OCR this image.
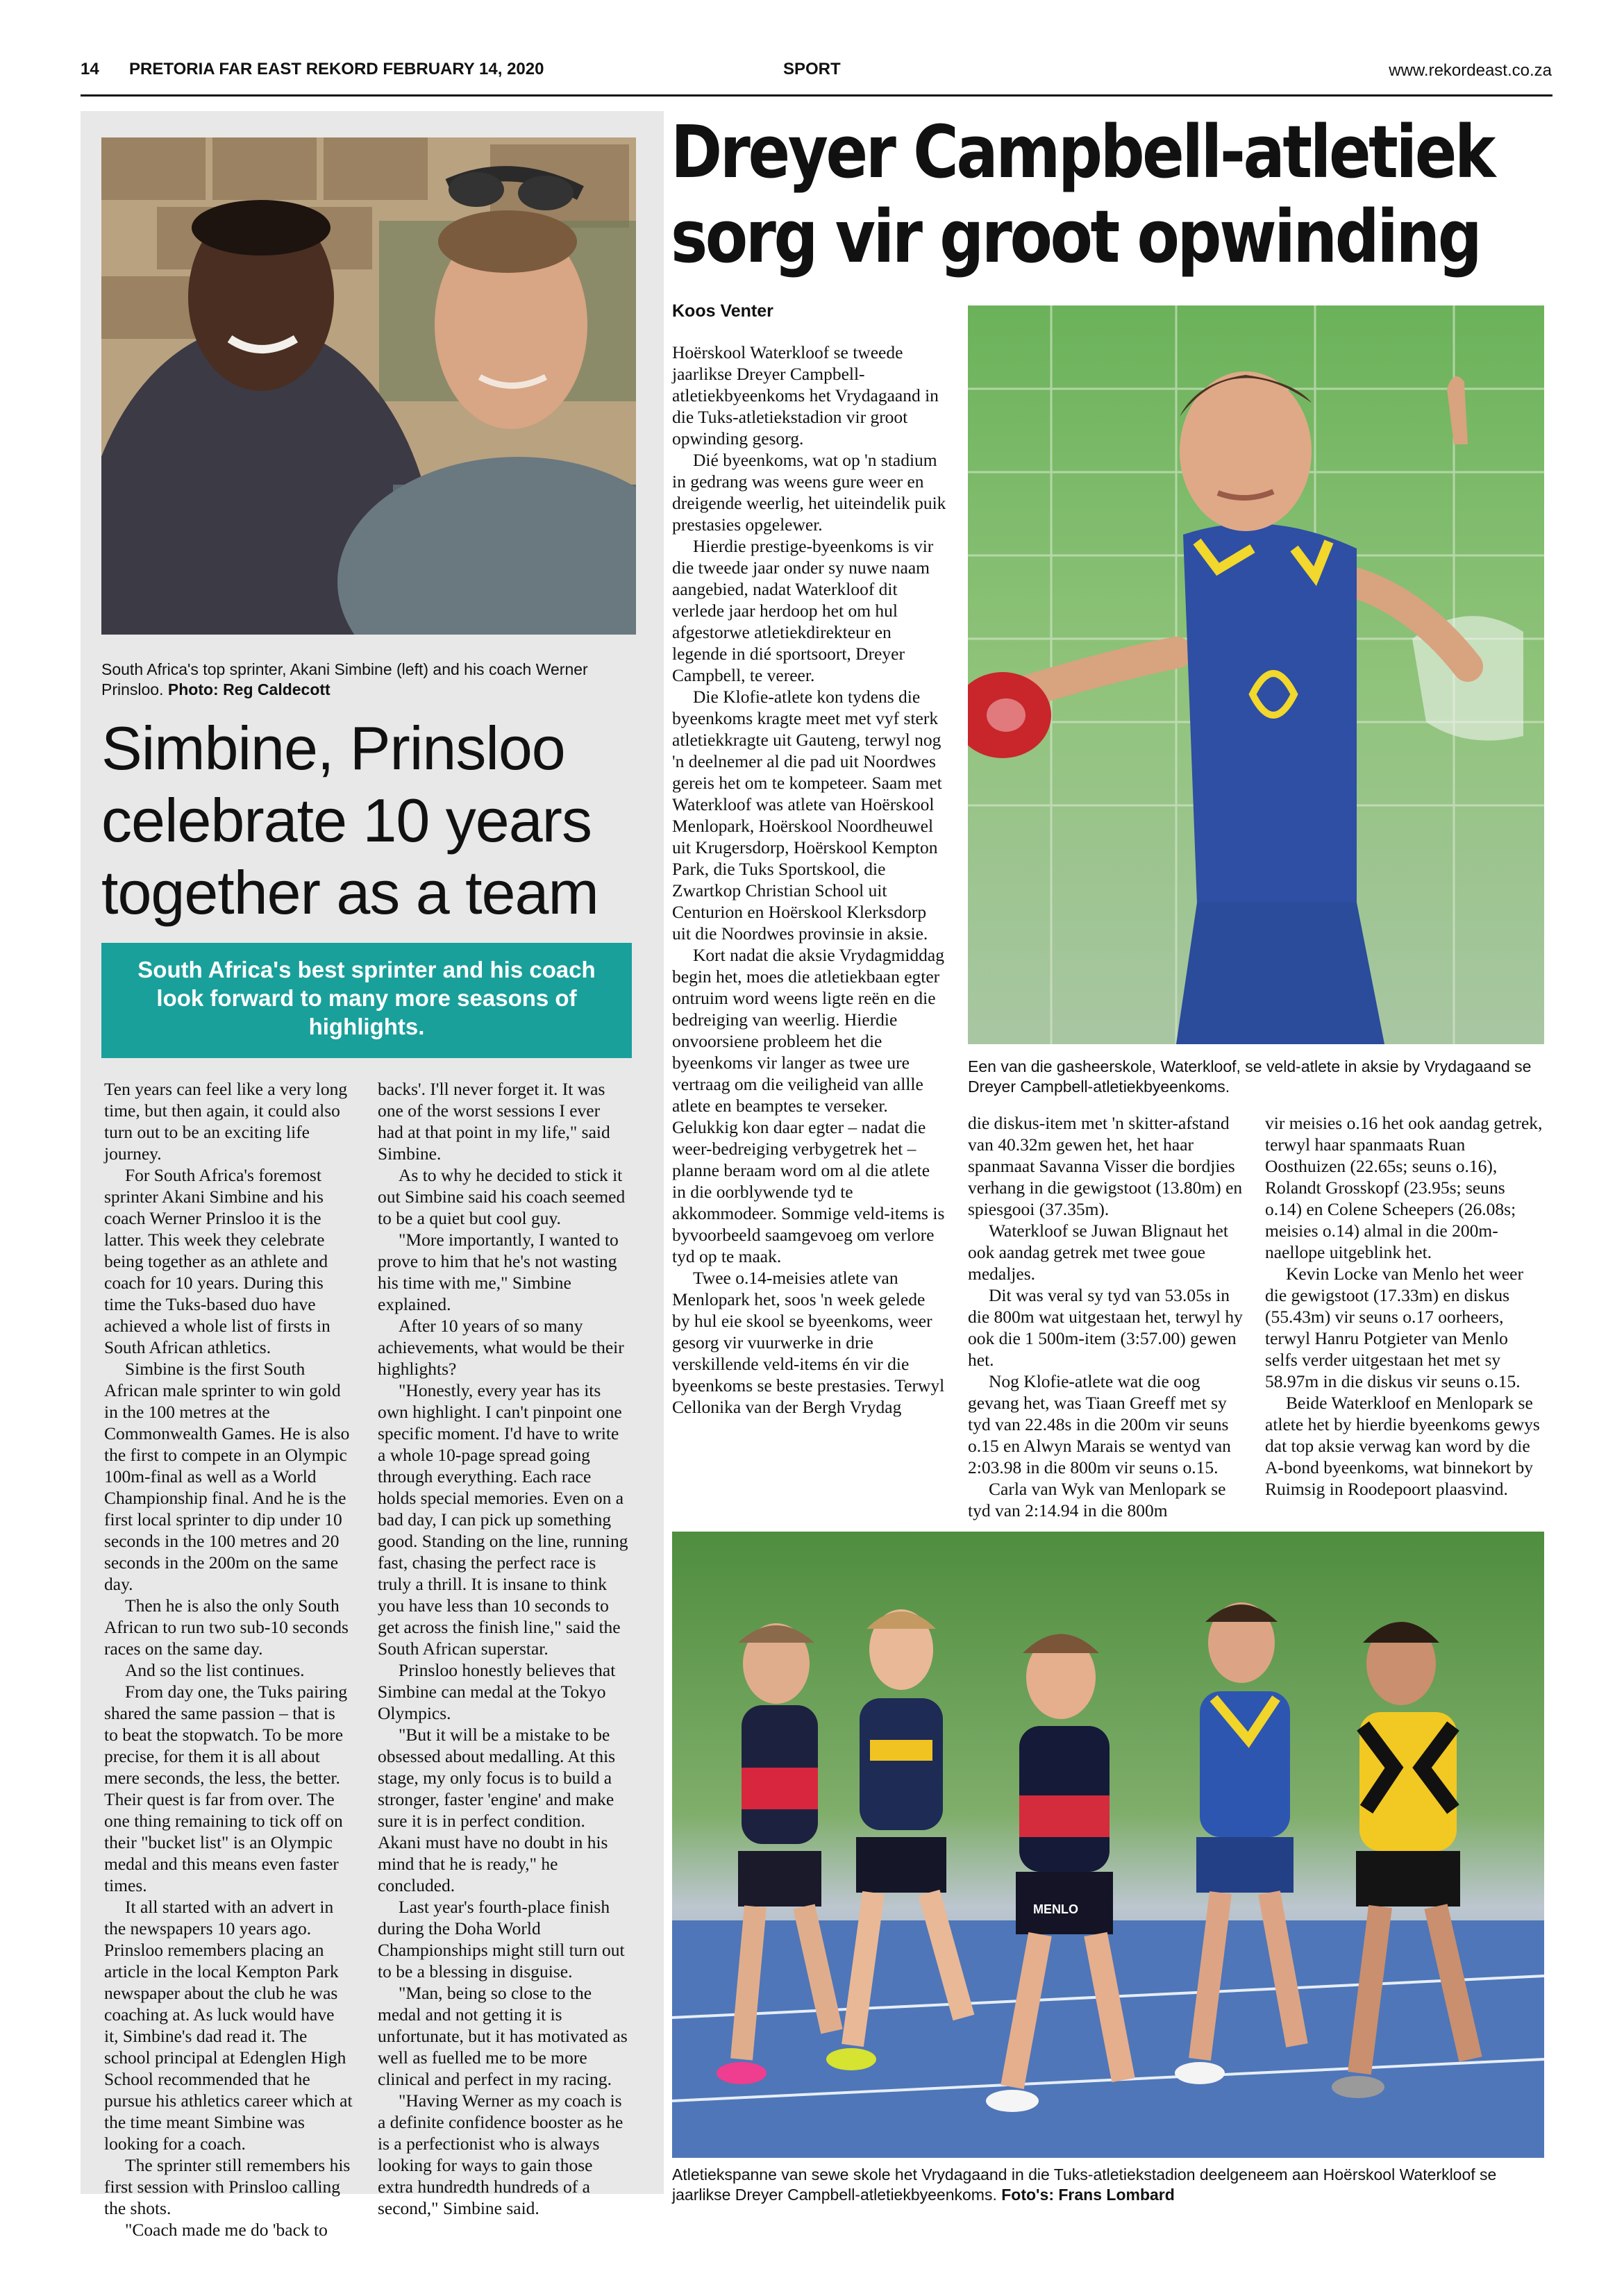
14 PRETORIA FAR EAST REKORD FEBRUARY 14, 2020	SPORT	www.rekordeast.co.za
South Africa's top sprinter, Akani Simbine (left) and his coach Werner Prinsloo. Photo: Reg Caldecott
Simbine, Prinsloo
celebrate 10 years
together as a team
South Africa's best sprinter and his coach look forward to many more seasons of highlights.

Ten years can feel like a very long time, but then again, it could also turn out to be an exciting life journey.

For South Africa's foremost sprinter Akani Simbine and his coach Werner Prinsloo it is the latter. This week they celebrate being together as an athlete and coach for 10 years. During this time the Tuks-based duo have achieved a whole list of firsts in South African athletics.

Simbine is the first South African male sprinter to win gold in the 100 metres at the Commonwealth Games. He is also the first to compete in an Olympic 100m-final as well as a World Championship final. And he is the first local sprinter to dip under 10 seconds in the 100 metres and 20 seconds in the 200m on the same day.

Then he is also the only South African to run two sub-10 seconds races on the same day.

And so the list continues.

From day one, the Tuks pairing shared the same passion – that is to beat the stopwatch. To be more precise, for them it is all about mere seconds, the less, the better. Their quest is far from over. The one thing remaining to tick off on their "bucket list" is an Olympic medal and this means even faster times.

It all started with an advert in the newspapers 10 years ago. Prinsloo remembers placing an article in the local Kempton Park newspaper about the club he was coaching at. As luck would have it, Simbine's dad read it. The school principal at Edenglen High School recommended that he pursue his athletics career which at the time meant Simbine was looking for a coach.

The sprinter still remembers his first session with Prinsloo calling the shots.

"Coach made me do 'back to

backs'. I'll never forget it. It was one of the worst sessions I ever had at that point in my life," said Simbine.

As to why he decided to stick it out Simbine said his coach seemed to be a quiet but cool guy.

"More importantly, I wanted to prove to him that he's not wasting his time with me," Simbine explained.

After 10 years of so many achievements, what would be their highlights?

"Honestly, every year has its own highlight. I can't pinpoint one specific moment. I'd have to write a whole 10-page spread going through everything. Each race holds special memories. Even on a bad day, I can pick up something good. Standing on the line, running fast, chasing the perfect race is truly a thrill. It is insane to think you have less than 10 seconds to get across the finish line," said the South African superstar.

Prinsloo honestly believes that Simbine can medal at the Tokyo Olympics.

"But it will be a mistake to be obsessed about medalling. At this stage, my only focus is to build a stronger, faster 'engine' and make sure it is in perfect condition. Akani must have no doubt in his mind that he is ready," he concluded.

Last year's fourth-place finish during the Doha World Championships might still turn out to be a blessing in disguise.

"Man, being so close to the medal and not getting it is unfortunate, but it has motivated as well as fuelled me to be more clinical and perfect in my racing.

"Having Werner as my coach is a definite confidence booster as he is a perfectionist who is always looking for ways to gain those extra hundredth hundreds of a second," Simbine said.

Dreyer Campbell-atletiek
sorg vir groot opwinding
Koos Venter

Hoërskool Waterkloof se tweede jaarlikse Dreyer Campbell-atletiekbyeenkoms het Vrydagaand in die Tuks-atletiekstadion vir groot opwinding gesorg.

Dié byeenkoms, wat op 'n stadium in gedrang was weens gure weer en dreigende weerlig, het uiteindelik puik prestasies opgelewer.

Hierdie prestige-byeenkoms is vir die tweede jaar onder sy nuwe naam aangebied, nadat Waterkloof dit verlede jaar herdoop het om hul afgestorwe atletiekdirekteur en legende in dié sportsoort, Dreyer Campbell, te vereer.

Die Klofie-atlete kon tydens die byeenkoms kragte meet met vyf sterk atletiekkragte uit Gauteng, terwyl nog 'n deelnemer al die pad uit Noordwes gereis het om te kompeteer. Saam met Waterkloof was atlete van Hoërskool Menlopark, Hoërskool Noordheuwel uit Krugersdorp, Hoërskool Kempton Park, die Tuks Sportskool, die Zwartkop Christian School uit Centurion en Hoërskool Klerksdorp uit die Noordwes provinsie in aksie.

Kort nadat die aksie Vrydagmiddag begin het, moes die atletiekbaan egter ontruim word weens ligte reën en die bedreiging van weerlig. Hierdie onvoorsiene probleem het die byeenkoms vir langer as twee ure vertraag om die veiligheid van allle atlete en beamptes te verseker. Gelukkig kon daar egter – nadat die weer-bedreiging verbygetrek het – planne beraam word om al die atlete in die oorblywende tyd te akkommodeer. Sommige veld-items is byvoorbeeld saamgevoeg om verlore tyd op te maak.

Twee o.14-meisies atlete van Menlopark het, soos 'n week gelede by hul eie skool se byeenkoms, weer gesorg vir vuurwerke in drie verskillende veld-items én vir die byeenkoms se beste prestasies. Terwyl Cellonika van der Bergh Vrydag

Een van die gasheerskole, Waterkloof, se veld-atlete in aksie by Vrydagaand se Dreyer Campbell-atletiekbyeenkoms.

die diskus-item met 'n skitter-afstand van 40.32m gewen het, het haar spanmaat Savanna Visser die bordjies verhang in die gewigstoot (13.80m) en spiesgooi (37.35m).

Waterkloof se Juwan Blignaut het ook aandag getrek met twee goue medaljes.

Dit was veral sy tyd van 53.05s in die 800m wat uitgestaan het, terwyl hy ook die 1 500m-item (3:57.00) gewen het.

Nog Klofie-atlete wat die oog gevang het, was Tiaan Greeff met sy tyd van 22.48s in die 200m vir seuns o.15 en Alwyn Marais se wentyd van 2:03.98 in die 800m vir seuns o.15.

Carla van Wyk van Menlopark se tyd van 2:14.94 in die 800m

vir meisies o.16 het ook aandag getrek, terwyl haar spanmaats Ruan Oosthuizen (22.65s; seuns o.16), Rolandt Grosskopf (23.95s; seuns o.14) en Colene Scheepers (26.08s; meisies o.14) almal in die 200m-naellope uitgeblink het.

Kevin Locke van Menlo het weer die gewigstoot (17.33m) en diskus (55.43m) vir seuns o.17 oorheers, terwyl Hanru Potgieter van Menlo selfs verder uitgestaan het met sy 58.97m in die diskus vir seuns o.15.

Beide Waterkloof en Menlopark se atlete het by hierdie byeenkoms gewys dat top aksie verwag kan word by die A-bond byeenkoms, wat binnekort by Ruimsig in Roodepoort plaasvind.

MENLO
Atletiekspanne van sewe skole het Vrydagaand in die Tuks-atletiekstadion deelgeneem aan Hoërskool Waterkloof se jaarlikse Dreyer Campbell-atletiekbyeenkoms. Foto's: Frans Lombard
